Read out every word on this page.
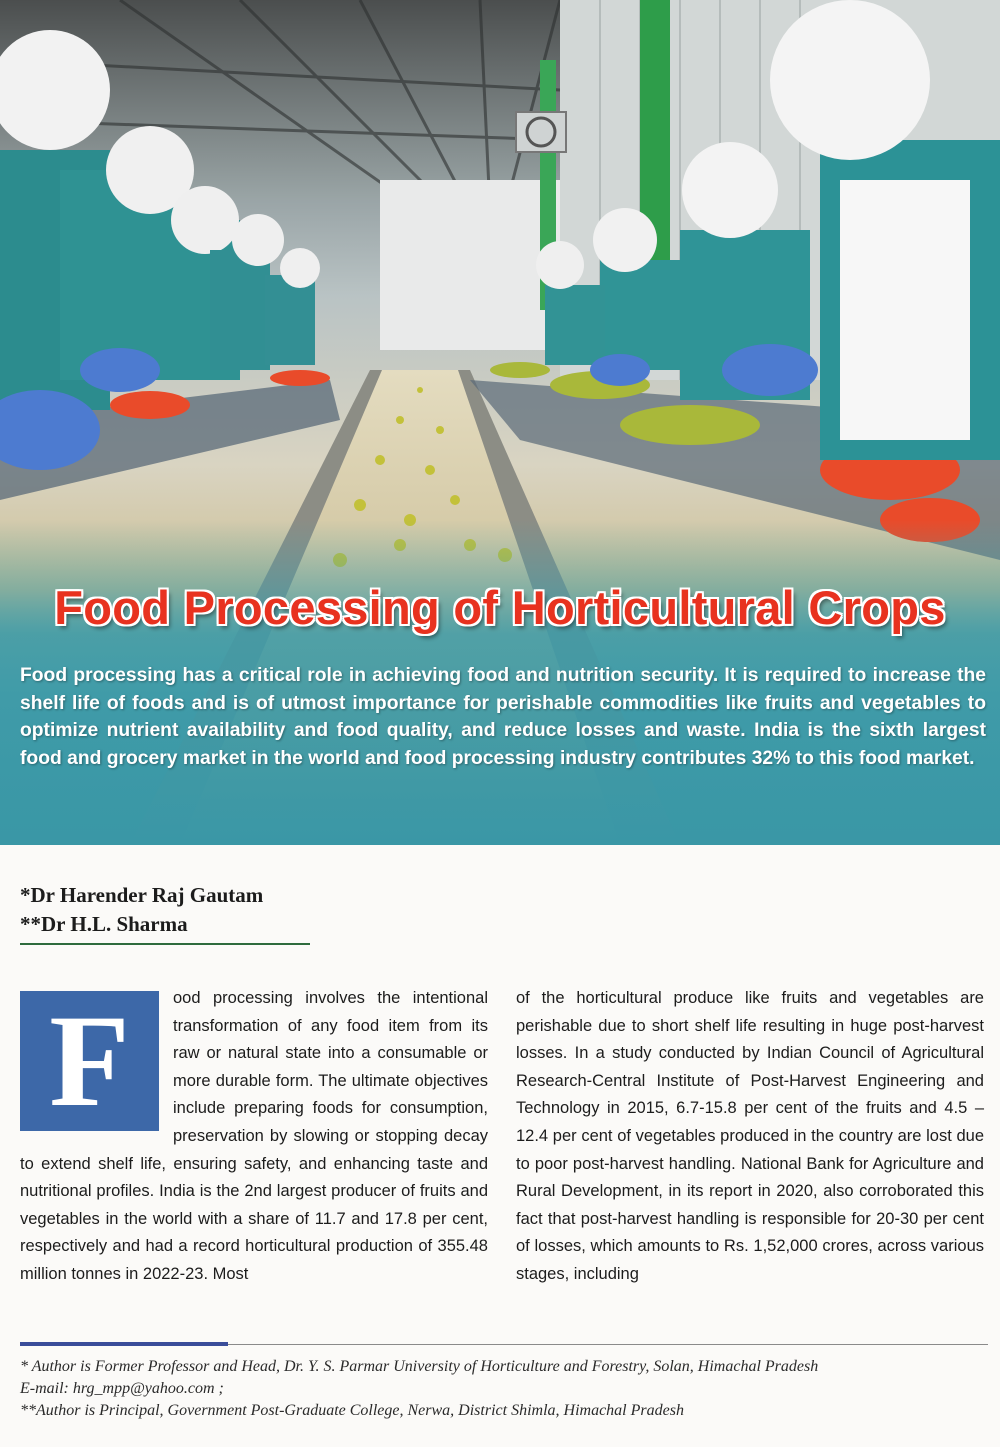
Food Processing of Horticultural Crops

Food processing has a critical role in achieving food and nutrition security. It is required to increase the shelf life of foods and is of utmost importance for perishable commodities like fruits and vegetables to optimize nutrient availability and food quality, and reduce losses and waste. India is the sixth largest food and grocery market in the world and food processing industry contributes 32% to this food market.

*Dr Harender Raj Gautam
**Dr H.L. Sharma
F	ood processing involves the intentional transformation of any food item from its raw or natural state into a consumable or more durable form. The ultimate objectives include preparing foods for consumption, preservation by slowing or stopping decay to extend shelf life, ensuring safety, and enhancing taste and nutritional profiles. India is the 2nd largest producer of fruits and vegetables in the world with a share of 11.7 and 17.8 per cent, respectively and had a record horticultural production of 355.48 million tonnes in 2022-23. Most
of the horticultural produce like fruits and vegetables are perishable due to short shelf life resulting in huge post-harvest losses. In a study conducted by Indian Council of Agricultural Research-Central Institute of Post-Harvest Engineering and Technology in 2015, 6.7-15.8 per cent of the fruits and 4.5 – 12.4 per cent of vegetables produced in the country are lost due to poor post-harvest handling. National Bank for Agriculture and Rural Development, in its report in 2020, also corroborated this fact that post-harvest handling is responsible for 20-30 per cent of losses, which amounts to Rs. 1,52,000 crores, across various stages, including
* Author is Former Professor and Head, Dr. Y. S. Parmar University of Horticulture and Forestry, Solan, Himachal Pradesh
E-mail: hrg_mpp@yahoo.com ;
**Author is Principal, Government Post-Graduate College, Nerwa, District Shimla, Himachal Pradesh
